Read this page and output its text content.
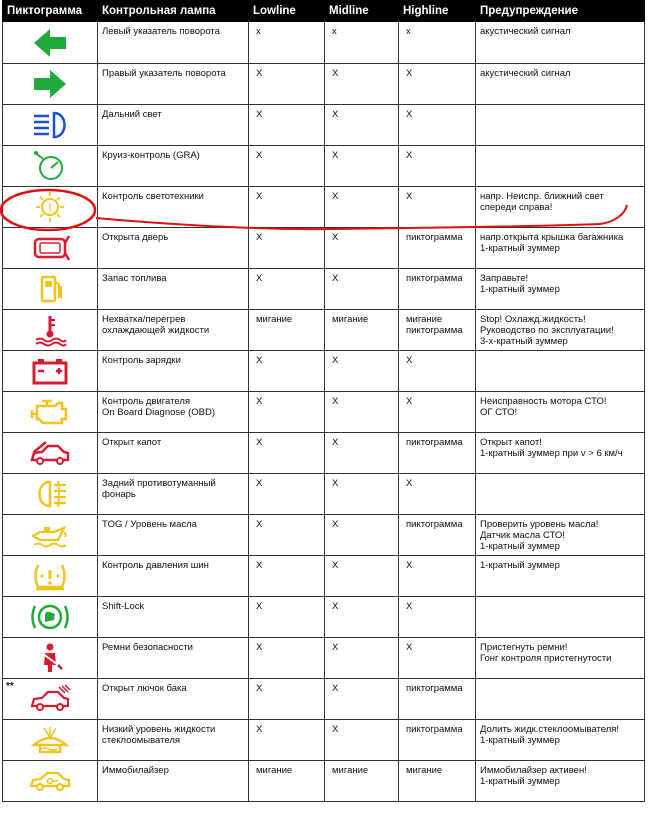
Пиктограмма	Контрольная лампа	Lowline	Midline	Highline	Предупреждение

	Левый указатель поворота	x	x	x	акустический сигнал

	Правый указатель поворота	X	X	X	акустический сигнал

	Дальний свет	X	X	X	

	Круиз-контроль (GRA)	X	X	X	

!	Контроль светотехники	X	X	X	напр. Неиспр. ближний свет
спереди справа!

	Открыта дверь	X	X	пиктограмма	напр.открыта крышка багажника
1-кратный зуммер

	Запас топлива	X	X	пиктограмма	Заправьте!
1-кратный зуммер

	Нехватка/перегрев
охлаждающей жидкости	мигание	мигание	мигание
пиктограмма	Stop! Охлажд.жидкость!
Руководство по эксплуатации!
3-х-кратный зуммер

	Контроль зарядки	X	X	X	

	Контроль двигателя
On Board Diagnose (OBD)	X	X	X	Неисправность мотора СТО!
ОГ СТО!

	Открыт капот	X	X	пиктограмма	Открыт капот!
1-кратный зуммер при v > 6 км/ч

	Задний противотуманный
фонарь	X	X	X	

	TOG / Уровень масла	X	X	пиктограмма	Проверить уровень масла!
Датчик масла СТО!
1-кратный зуммер

	Контроль давления шин	X	X	X	1-кратный зуммер

	Shift-Lock	X	X	X	

	Ремни безопасности	X	X	X	Пристегнуть ремни!
Гонг контроля пристегнутости

**	Открыт лючок бака	X	X	пиктограмма	

	Низкий уровень жидкости
стеклоомывателя	X	X	пиктограмма	Долить жидк.стеклоомывателя!
1-кратный зуммер

	Иммобилайзер	мигание	мигание	мигание	Иммобилайзер активен!
1-кратный зуммер
